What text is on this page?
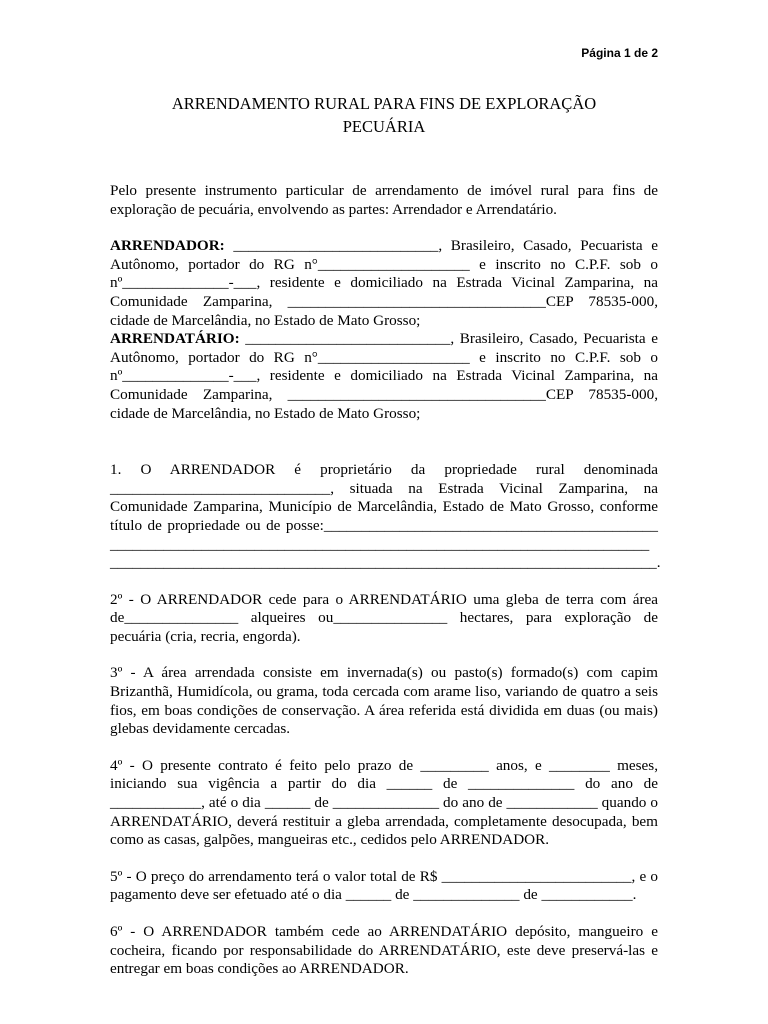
Página 1 de 2
ARRENDAMENTO RURAL PARA FINS DE EXPLORAÇÃO
PECUÁRIA

Pelo presente instrumento particular de arrendamento de imóvel rural para fins de exploração de pecuária, envolvendo as partes: Arrendador e Arrendatário.

ARRENDADOR: ___________________________, Brasileiro, Casado, Pecuarista e Autônomo, portador do RG n°____________________ e inscrito no C.P.F. sob o nº______________-___, residente e domiciliado na Estrada Vicinal Zamparina, na Comunidade Zamparina, __________________________________CEP 78535-000, cidade de Marcelândia, no Estado de Mato Grosso;

ARRENDATÁRIO: ___________________________, Brasileiro, Casado, Pecuarista e Autônomo, portador do RG n°____________________ e inscrito no C.P.F. sob o nº______________-___, residente e domiciliado na Estrada Vicinal Zamparina, na Comunidade Zamparina, __________________________________CEP 78535-000, cidade de Marcelândia, no Estado de Mato Grosso;

1. O ARRENDADOR é proprietário da propriedade rural denominada _____________________________, situada na Estrada Vicinal Zamparina, na Comunidade Zamparina, Município de Marcelândia, Estado de Mato Grosso, conforme título de propriedade ou de posse:____________________________________________ _______________________________________________________________________ ________________________________________________________________________.

2º - O ARRENDADOR cede para o ARRENDATÁRIO uma gleba de terra com área de_______________ alqueires ou_______________ hectares, para exploração de pecuária (cria, recria, engorda).

3º - A área arrendada consiste em invernada(s) ou pasto(s) formado(s) com capim Brizanthã, Humidícola, ou grama, toda cercada com arame liso, variando de quatro a seis fios, em boas condições de conservação. A área referida está dividida em duas (ou mais) glebas devidamente cercadas.

4º - O presente contrato é feito pelo prazo de _________ anos, e ________ meses, iniciando sua vigência a partir do dia ______ de ______________ do ano de ____________, até o dia ______ de ______________ do ano de ____________ quando o ARRENDATÁRIO, deverá restituir a gleba arrendada, completamente desocupada, bem como as casas, galpões, mangueiras etc., cedidos pelo ARRENDADOR.

5º - O preço do arrendamento terá o valor total de R$ _________________________, e o pagamento deve ser efetuado até o dia ______ de ______________ de ____________.

6º - O ARRENDADOR também cede ao ARRENDATÁRIO depósito, mangueiro e cocheira, ficando por responsabilidade do ARRENDATÁRIO, este deve preservá-las e entregar em boas condições ao ARRENDADOR.
